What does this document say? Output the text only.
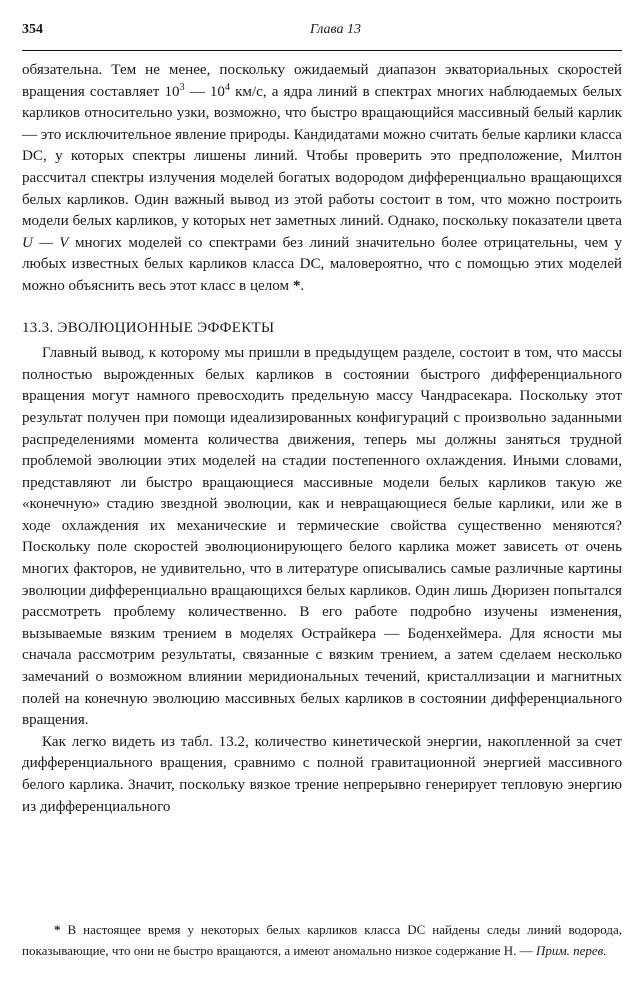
354	Глава 13

обязательна. Тем не менее, поскольку ожидаемый диапазон экваториальных скоростей вращения составляет $10^3$ — $10^4$ км/с, а ядра линий в спектрах многих наблюдаемых белых карликов относительно узки, возможно, что быстро вращающийся массивный белый карлик — это исключительное явление природы. Кандидатами можно считать белые карлики класса DC, у которых спектры лишены линий. Чтобы проверить это предположение, Милтон рассчитал спектры излучения моделей богатых водородом дифференциально вращающихся белых карликов. Один важный вывод из этой работы состоит в том, что можно построить модели белых карликов, у которых нет заметных линий. Однако, поскольку показатели цвета U — V многих моделей со спектрами без линий значительно более отрицательны, чем у любых известных белых карликов класса DC, маловероятно, что с помощью этих моделей можно объяснить весь этот класс в целом *.

13.3. ЭВОЛЮЦИОННЫЕ ЭФФЕКТЫ

Главный вывод, к которому мы пришли в предыдущем разделе, состоит в том, что массы полностью вырожденных белых карликов в состоянии быстрого дифференциального вращения могут намного превосходить предельную массу Чандрасекара. Поскольку этот результат получен при помощи идеализированных конфигураций с произвольно заданными распределениями момента количества движения, теперь мы должны заняться трудной проблемой эволюции этих моделей на стадии постепенного охлаждения. Иными словами, представляют ли быстро вращающиеся массивные модели белых карликов такую же «конечную» стадию звездной эволюции, как и невращающиеся белые карлики, или же в ходе охлаждения их механические и термические свойства существенно меняются? Поскольку поле скоростей эволюционирующего белого карлика может зависеть от очень многих факторов, не удивительно, что в литературе описывались самые различные картины эволюции дифференциально вращающихся белых карликов. Один лишь Дюризен попытался рассмотреть проблему количественно. В его работе подробно изучены изменения, вызываемые вязким трением в моделях Острайкера — Боденхеймера. Для ясности мы сначала рассмотрим результаты, связанные с вязким трением, а затем сделаем несколько замечаний о возможном влиянии меридиональных течений, кристаллизации и магнитных полей на конечную эволюцию массивных белых карликов в состоянии дифференциального вращения.

Как легко видеть из табл. 13.2, количество кинетической энергии, накопленной за счет дифференциального вращения, сравнимо с полной гравитационной энергией массивного белого карлика. Значит, поскольку вязкое трение непрерывно генерирует тепловую энергию из дифференциального

* В настоящее время у некоторых белых карликов класса DC найдены следы линий водорода, показывающие, что они не быстро вращаются, а имеют аномально низкое содержание Н. — Прим. перев.
